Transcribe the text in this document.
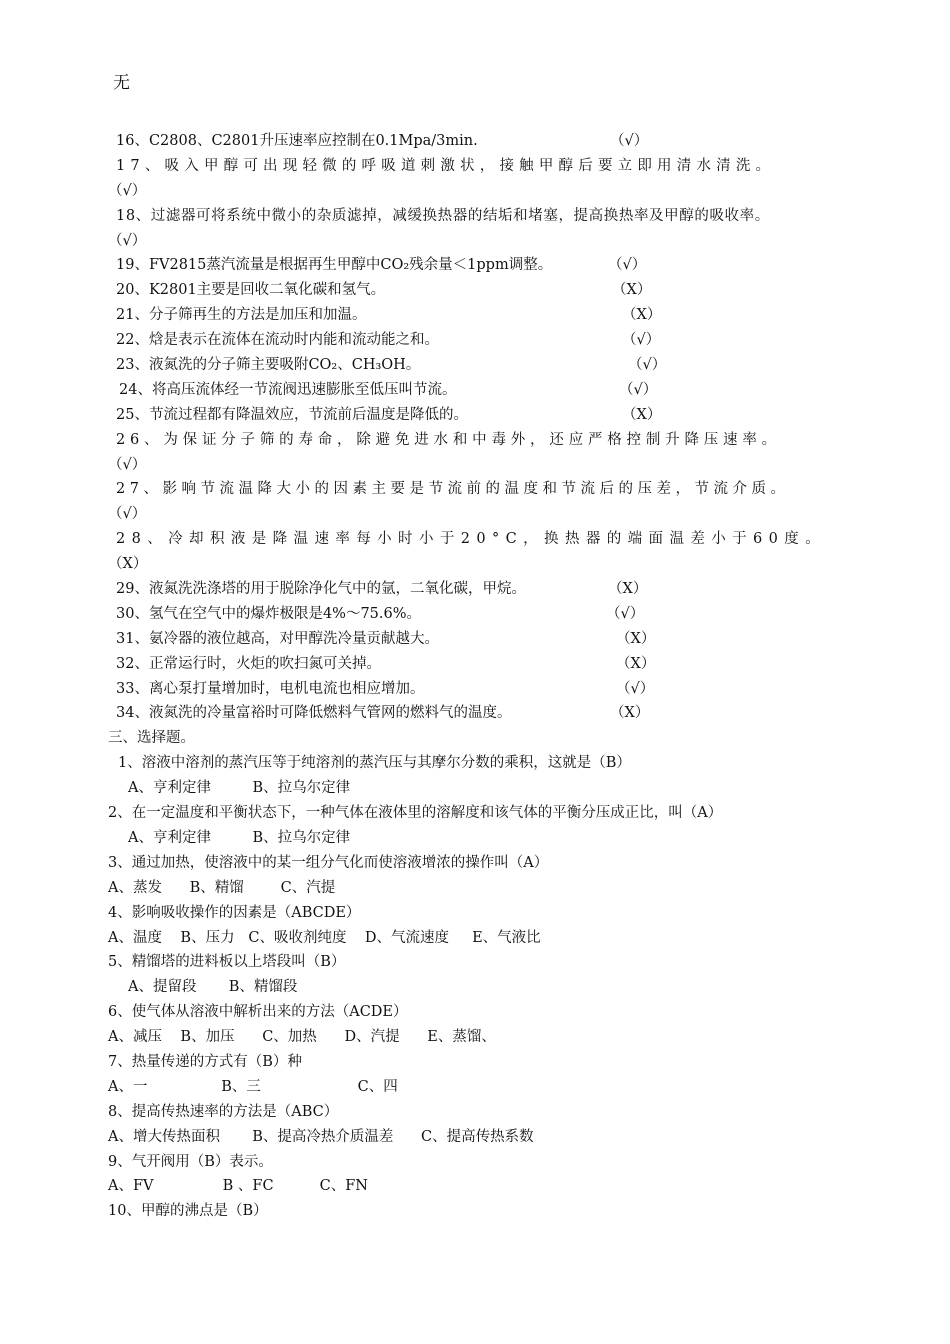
无
16、C2808、C2801升压速率应控制在0.1Mpa/3min.	（√）
17、吸入甲醇可出现轻微的呼吸道刺激状，接触甲醇后要立即用清水清洗。
（√）
18、过滤器可将系统中微小的杂质滤掉，减缓换热器的结垢和堵塞，提高换热率及甲醇的吸收率。
（√）
19、FV2815蒸汽流量是根据再生甲醇中CO₂残余量＜1ppm调整。	（√）
20、K2801主要是回收二氧化碳和氢气。	（X）
21、分子筛再生的方法是加压和加温。	（X）
22、焓是表示在流体在流动时内能和流动能之和。	（√）
23、液氮洗的分子筛主要吸附CO₂、CH₃OH。	（√）
24、将高压流体经一节流阀迅速膨胀至低压叫节流。	（√）
25、节流过程都有降温效应，节流前后温度是降低的。	（X）
26、为保证分子筛的寿命，除避免进水和中毒外，还应严格控制升降压速率。
（√）
27、影响节流温降大小的因素主要是节流前的温度和节流后的压差，节流介质。
（√）
28、冷却积液是降温速率每小时小于20°C，换热器的端面温差小于60度。
（X）
29、液氮洗洗涤塔的用于脱除净化气中的氩，二氧化碳，甲烷。	（X）
30、氢气在空气中的爆炸极限是4%～75.6%。	（√）
31、氨冷器的液位越高，对甲醇洗冷量贡献越大。	（X）
32、正常运行时，火炬的吹扫氮可关掉。	（X）
33、离心泵打量增加时，电机电流也相应增加。	（√）
34、液氮洗的冷量富裕时可降低燃料气管网的燃料气的温度。	（X）
三、选择题。
1、溶液中溶剂的蒸汽压等于纯溶剂的蒸汽压与其摩尔分数的乘积，这就是（B）
A、亨利定律         B、拉乌尔定律
2、在一定温度和平衡状态下，一种气体在液体里的溶解度和该气体的平衡分压成正比，叫（A）
A、亨利定律         B、拉乌尔定律
3、通过加热，使溶液中的某一组分气化而使溶液增浓的操作叫（A）
A、蒸发      B、精馏        C、汽提
4、影响吸收操作的因素是（ABCDE）
A、温度    B、压力   C、吸收剂纯度    D、气流速度     E、气液比
5、精馏塔的进料板以上塔段叫（B）
A、提留段       B、精馏段
6、使气体从溶液中解析出来的方法（ACDE）
A、减压    B、加压      C、加热      D、汽提      E、蒸馏、
7、热量传递的方式有（B）种
A、一                B、三                     C、四
8、提高传热速率的方法是（ABC）
A、增大传热面积       B、提高冷热介质温差      C、提高传热系数
9、气开阀用（B）表示。
A、FV               B 、FC          C、FN
10、甲醇的沸点是（B）
